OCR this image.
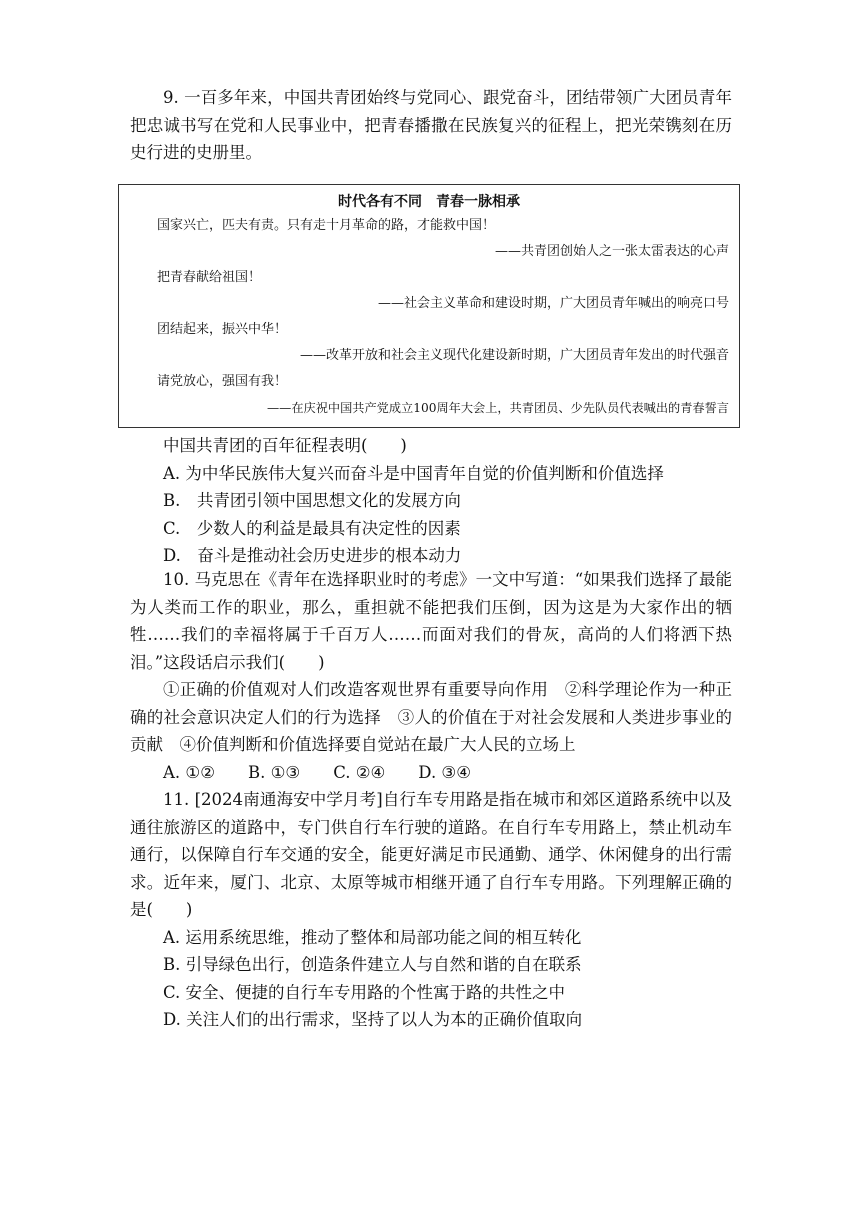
9. 一百多年来，中国共青团始终与党同心、跟党奋斗，团结带领广大团员青年把忠诚书写在党和人民事业中，把青春播撒在民族复兴的征程上，把光荣镌刻在历史行进的史册里。

时代各有不同　青春一脉相承
国家兴亡，匹夫有责。只有走十月革命的路，才能救中国！
——共青团创始人之一张太雷表达的心声
把青春献给祖国！
——社会主义革命和建设时期，广大团员青年喊出的响亮口号
团结起来，振兴中华！
——改革开放和社会主义现代化建设新时期，广大团员青年发出的时代强音
请党放心，强国有我！
——在庆祝中国共产党成立100周年大会上，共青团员、少先队员代表喊出的青春誓言
中国共青团的百年征程表明(　　)
A. 为中华民族伟大复兴而奋斗是中国青年自觉的价值判断和价值选择
B.　共青团引领中国思想文化的发展方向
C.　少数人的利益是最具有决定性的因素
D.　奋斗是推动社会历史进步的根本动力

10. 马克思在《青年在选择职业时的考虑》一文中写道：“如果我们选择了最能为人类而工作的职业，那么，重担就不能把我们压倒，因为这是为大家作出的牺牲……我们的幸福将属于千百万人……而面对我们的骨灰，高尚的人们将洒下热泪。”这段话启示我们(　　)

①正确的价值观对人们改造客观世界有重要导向作用　②科学理论作为一种正确的社会意识决定人们的行为选择　③人的价值在于对社会发展和人类进步事业的贡献　④价值判断和价值选择要自觉站在最广大人民的立场上

A. ①②　　B. ①③　　C. ②④　　D. ③④

11. [2024南通海安中学月考]自行车专用路是指在城市和郊区道路系统中以及通往旅游区的道路中，专门供自行车行驶的道路。在自行车专用路上，禁止机动车通行，以保障自行车交通的安全，能更好满足市民通勤、通学、休闲健身的出行需求。近年来，厦门、北京、太原等城市相继开通了自行车专用路。下列理解正确的是(　　)

A. 运用系统思维，推动了整体和局部功能之间的相互转化
B. 引导绿色出行，创造条件建立人与自然和谐的自在联系
C. 安全、便捷的自行车专用路的个性寓于路的共性之中
D. 关注人们的出行需求，坚持了以人为本的正确价值取向
